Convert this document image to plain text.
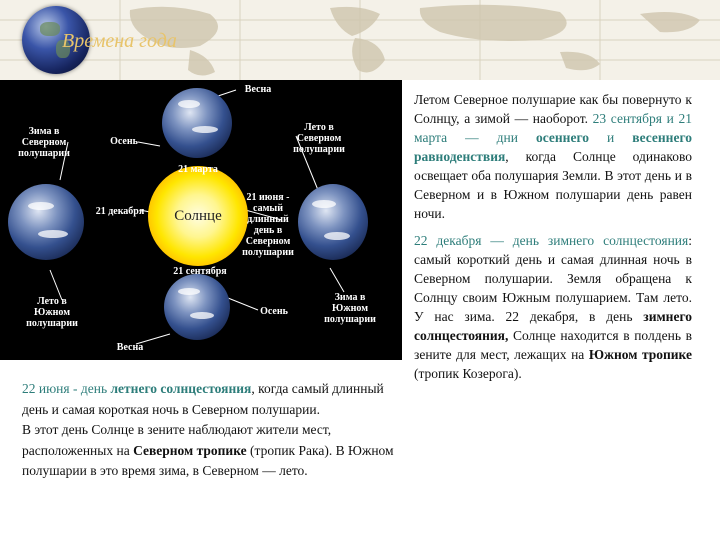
Времена года
Солнце
Весна
Зима в
Северном
полушарии
Осень
Лето в
Северном
полушарии
21 марта
21 декабря
21 июня -
самый
длинный
день в
Северном
полушарии
21 сентября
Лето в
Южном
полушарии
Осень
Зима в
Южном
полушарии
Весна

Летом Северное полушарие как бы повернуто к Солнцу, а зимой — наоборот. 23 сентября и 21 марта — дни осеннего и весеннего равноденствия, когда Солнце одинаково освещает оба полушария Земли. В этот день и в Северном и в Южном полушарии день равен ночи.

22 декабря — день зимнего солнцестояния: самый короткий день и самая длинная ночь в Северном полушарии. Земля обращена к Солнцу своим Южным полушарием. Там лето. У нас зима. 22 декабря, в день зимнего солнцестояния, Солнце находится в полдень в зените для мест, лежащих на Южном тропике (тропик Козерога).

22 июня - день летнего солнцестояния, когда самый длинный день и самая короткая ночь в Северном полушарии.
В этот день Солнце в зените наблюдают жители мест, расположенных на Северном тропике (тропик Рака). В Южном полушарии в это время зима, в Северном — лето.
